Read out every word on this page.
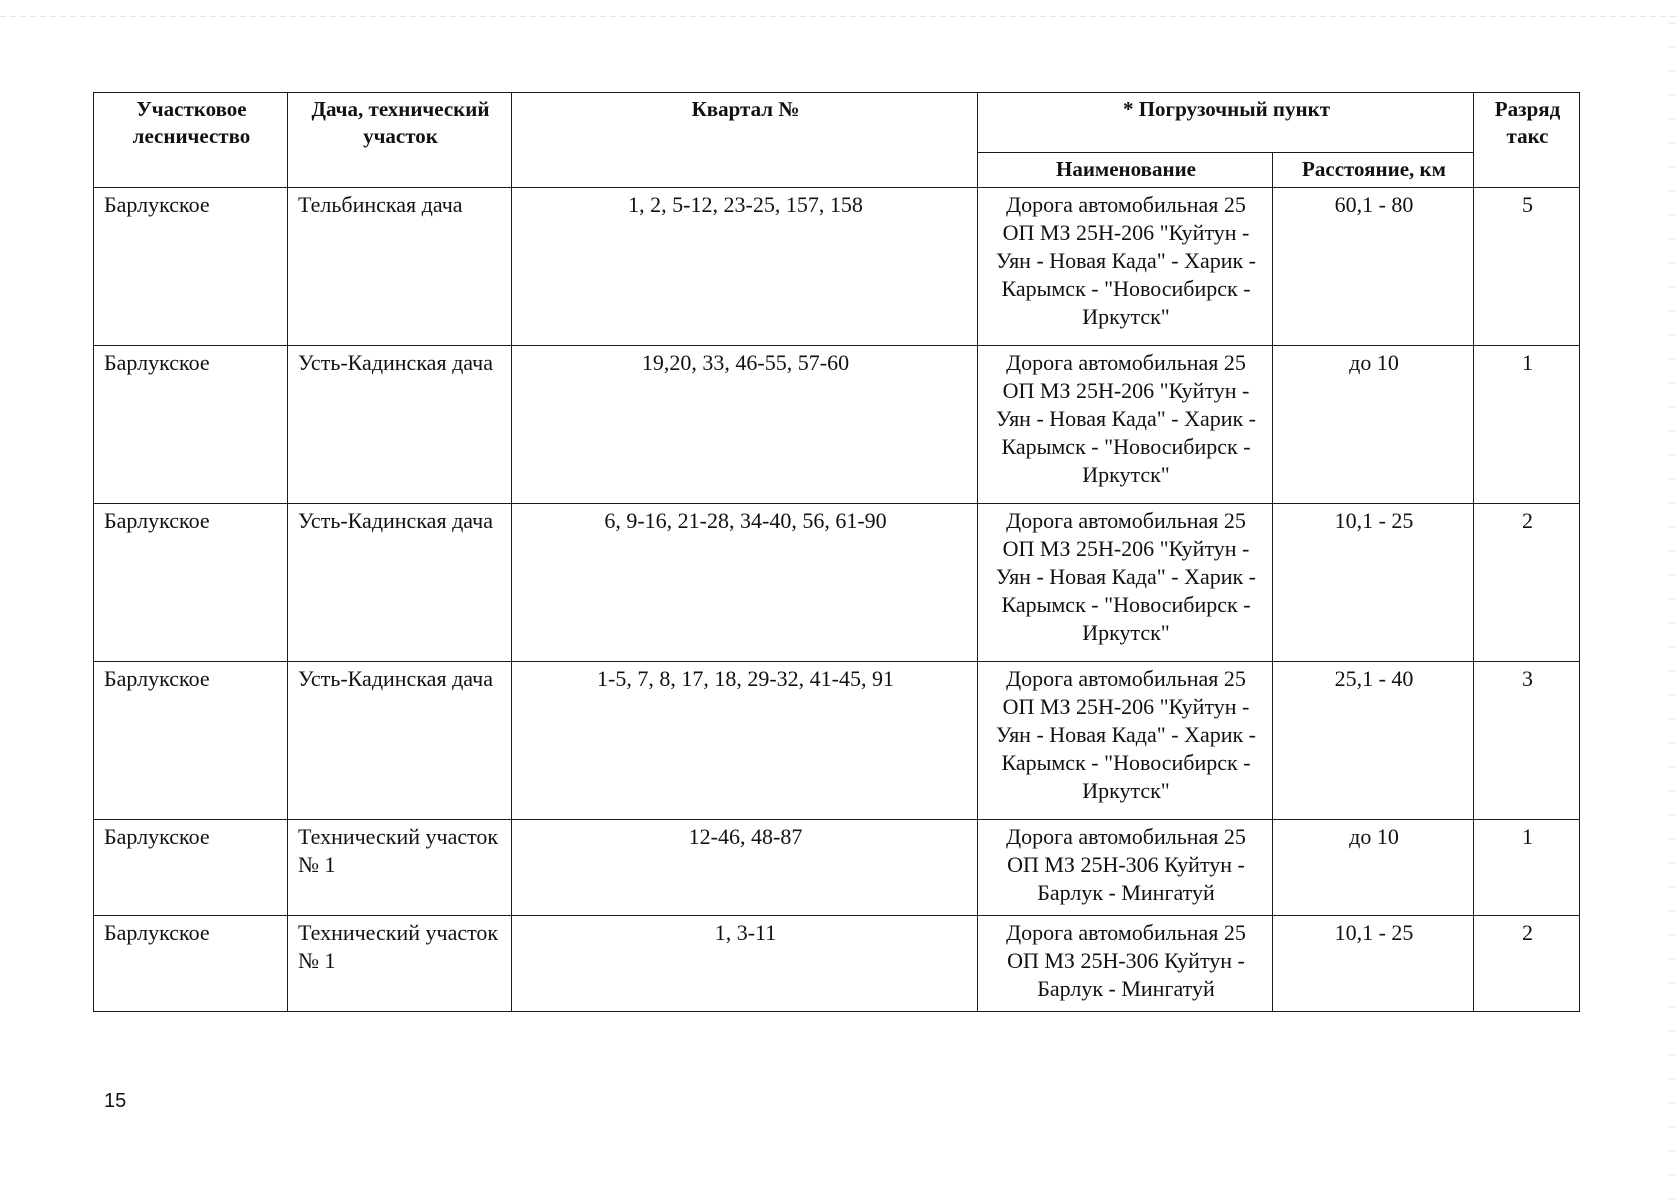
Участковое лесничество	Дача, технический участок	Квартал №	* Погрузочный пункт		Разряд такс
			Наименование	Расстояние, км	
Барлукское	Тельбинская дача	1, 2, 5-12, 23-25, 157, 158	Дорога автомобильная 25 ОП МЗ 25Н-206 "Куйтун - Уян - Новая Када" - Харик - Карымск - "Новосибирск - Иркутск"	60,1 - 80	5
Барлукское	Усть-Кадинская дача	19,20, 33, 46-55, 57-60	Дорога автомобильная 25 ОП МЗ 25Н-206 "Куйтун - Уян - Новая Када" - Харик - Карымск - "Новосибирск - Иркутск"	до 10	1
Барлукское	Усть-Кадинская дача	6, 9-16, 21-28, 34-40, 56, 61-90	Дорога автомобильная 25 ОП МЗ 25Н-206 "Куйтун - Уян - Новая Када" - Харик - Карымск - "Новосибирск - Иркутск"	10,1 - 25	2
Барлукское	Усть-Кадинская дача	1-5, 7, 8, 17, 18, 29-32, 41-45, 91	Дорога автомобильная 25 ОП МЗ 25Н-206 "Куйтун - Уян - Новая Када" - Харик - Карымск - "Новосибирск - Иркутск"	25,1 - 40	3
Барлукское	Технический участок № 1	12-46, 48-87	Дорога автомобильная 25 ОП МЗ 25Н-306 Куйтун - Барлук - Мингатуй	до 10	1
Барлукское	Технический участок № 1	1, 3-11	Дорога автомобильная 25 ОП МЗ 25Н-306 Куйтун - Барлук - Мингатуй	10,1 - 25	2
15
